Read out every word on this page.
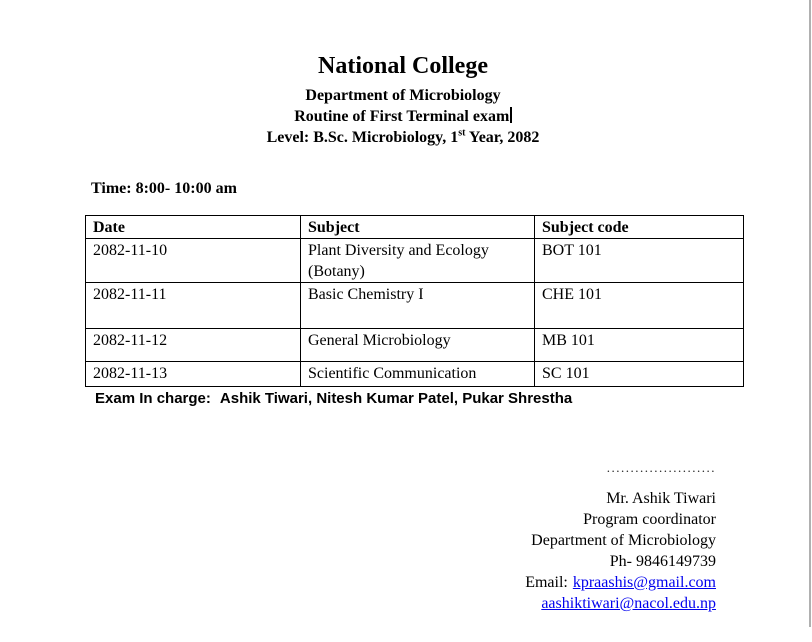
National College
Department of Microbiology
Routine of First Terminal exam
Level: B.Sc. Microbiology, 1st Year, 2082
Time: 8:00- 10:00 am
Date	Subject	Subject code
2082-11-10	Plant Diversity and Ecology (Botany)	BOT 101
2082-11-11	Basic Chemistry I	CHE 101
2082-11-12	General Microbiology	MB 101
2082-11-13	Scientific Communication	SC 101
Exam In charge: Ashik Tiwari, Nitesh Kumar Patel, Pukar Shrestha
.......................
Mr. Ashik Tiwari
Program coordinator
Department of Microbiology
Ph- 9846149739
Email: kpraashis@gmail.com
aashiktiwari@nacol.edu.np
